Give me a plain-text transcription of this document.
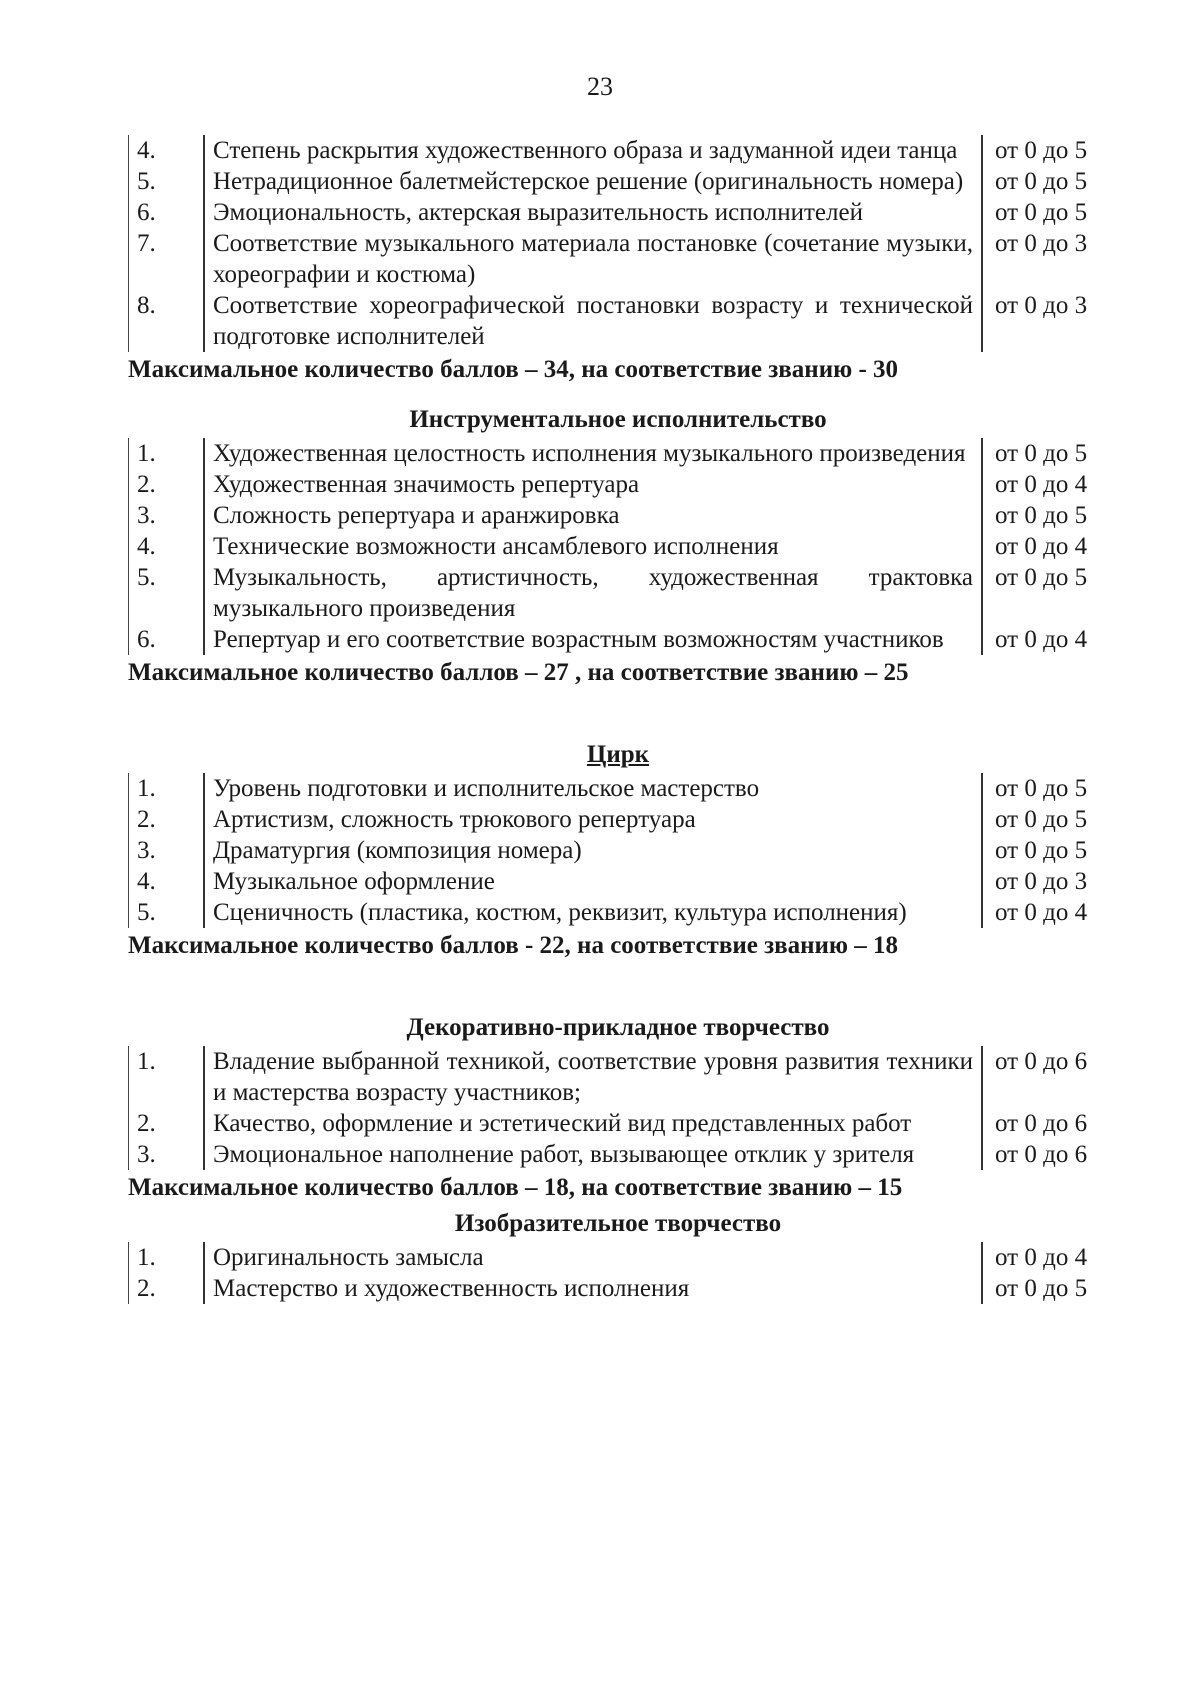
23
4.	Степень раскрытия художественного образа и задуманной идеи танца	от 0 до 5
5.	Нетрадиционное балетмейстерское решение (оригинальность номера)	от 0 до 5
6.	Эмоциональность, актерская выразительность исполнителей	от 0 до 5
7.	Соответствие музыкального материала постановке (сочетание музыки, хореографии и костюма)	от 0 до 3
8.	Соответствие хореографической постановки возрасту и технической подготовке исполнителей	от 0 до 3
Максимальное количество баллов – 34, на соответствие званию - 30
Инструментальное исполнительство
1.	Художественная целостность исполнения музыкального произведения	от 0 до 5
2.	Художественная значимость репертуара	от 0 до 4
3.	Сложность репертуара и аранжировка	от 0 до 5
4.	Технические возможности ансамблевого исполнения	от 0 до 4
5.	Музыкальность, артистичность, художественная трактовка музыкального произведения	от 0 до 5
6.	Репертуар и его соответствие возрастным возможностям участников	от 0 до 4
Максимальное количество баллов – 27 , на соответствие званию – 25
Цирк
1.	Уровень подготовки и исполнительское мастерство	от 0 до 5
2.	Артистизм, сложность трюкового репертуара	от 0 до 5
3.	Драматургия (композиция номера)	от 0 до 5
4.	Музыкальное оформление	от 0 до 3
5.	Сценичность (пластика, костюм, реквизит, культура исполнения)	от 0 до 4
Максимальное количество баллов - 22, на соответствие званию – 18
Декоративно-прикладное творчество
1.	Владение выбранной техникой, соответствие уровня развития техники и мастерства возрасту участников;	от 0 до 6
2.	Качество, оформление и эстетический вид представленных работ	от 0 до 6
3.	Эмоциональное наполнение работ, вызывающее отклик у зрителя	от 0 до 6
Максимальное количество баллов – 18, на соответствие званию – 15
Изобразительное творчество
1.	Оригинальность замысла	от 0 до 4
2.	Мастерство и художественность исполнения	от 0 до 5
